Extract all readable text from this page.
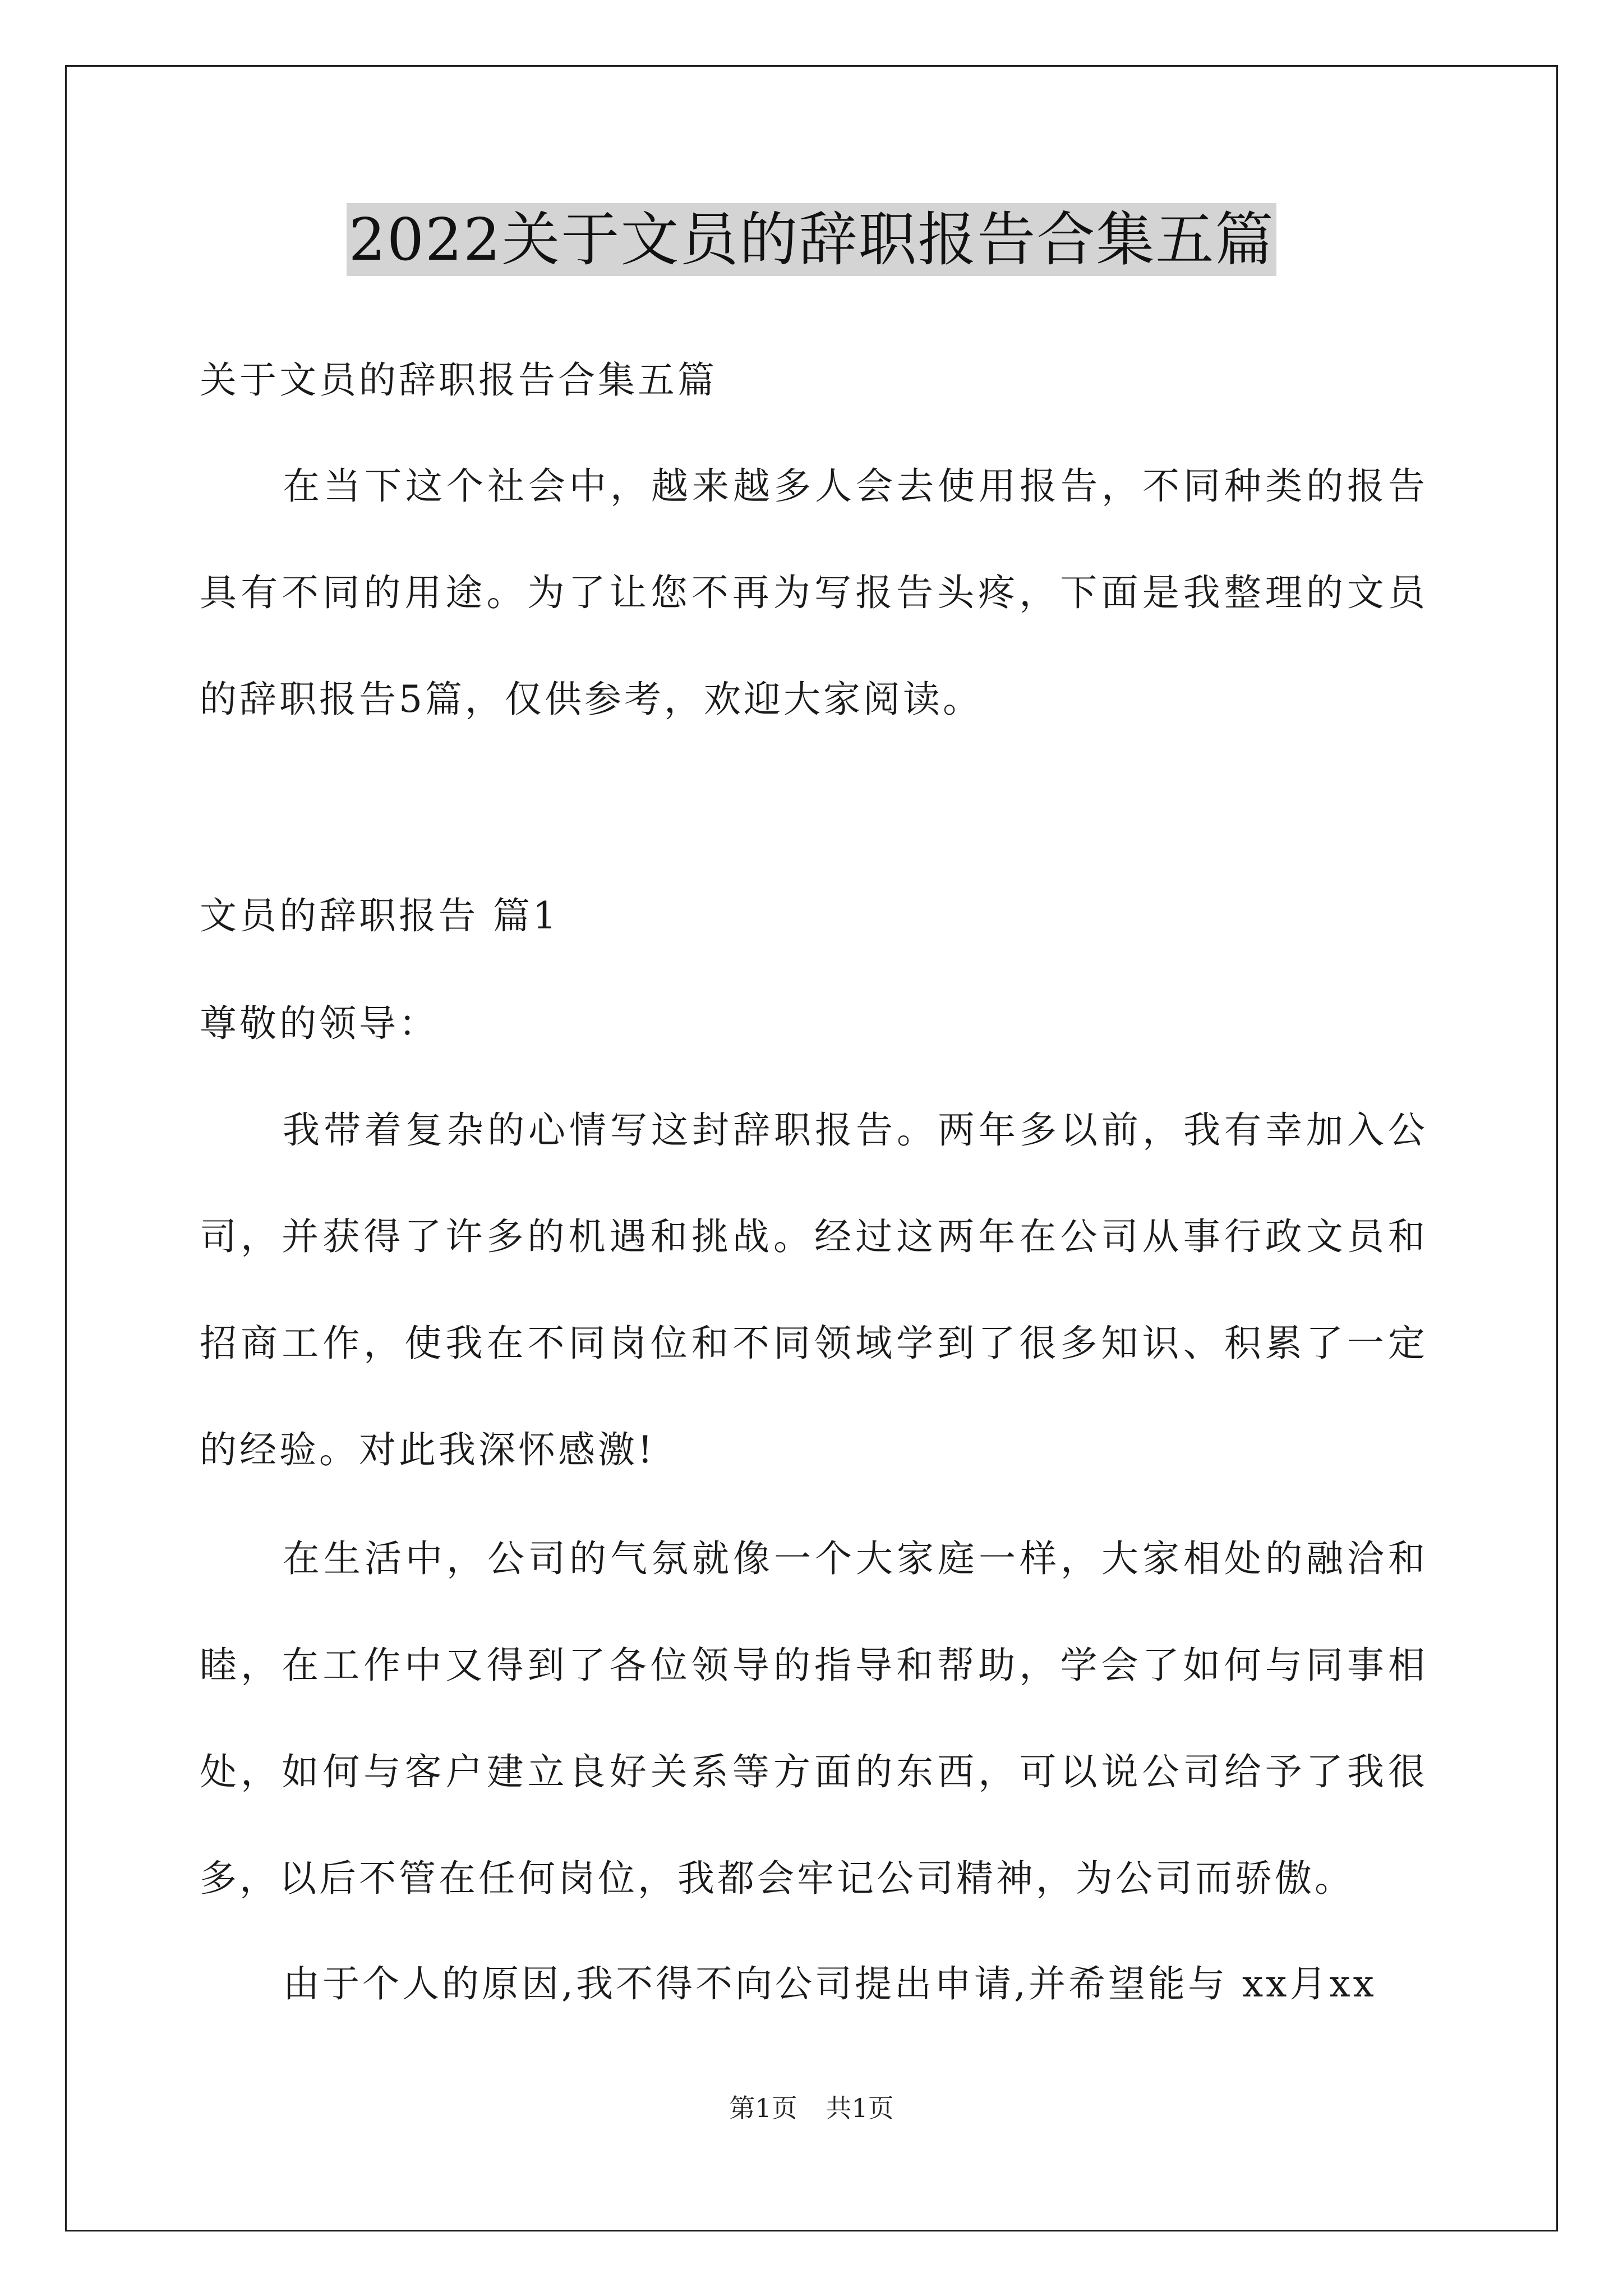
2022关于文员的辞职报告合集五篇

关于文员的辞职报告合集五篇

在当下这个社会中，越来越多人会去使用报告，不同种类的报告具有不同的用途。为了让您不再为写报告头疼，下面是我整理的文员的辞职报告5篇，仅供参考，欢迎大家阅读。

文员的辞职报告 篇1

尊敬的领导：

我带着复杂的心情写这封辞职报告。两年多以前，我有幸加入公司，并获得了许多的机遇和挑战。经过这两年在公司从事行政文员和招商工作，使我在不同岗位和不同领域学到了很多知识、积累了一定的经验。对此我深怀感激!

在生活中，公司的气氛就像一个大家庭一样，大家相处的融洽和睦，在工作中又得到了各位领导的指导和帮助，学会了如何与同事相处，如何与客户建立良好关系等方面的东西，可以说公司给予了我很多，以后不管在任何岗位，我都会牢记公司精神，为公司而骄傲。

由于个人的原因,我不得不向公司提出申请,并希望能与 xx月xx

第1页 共1页
